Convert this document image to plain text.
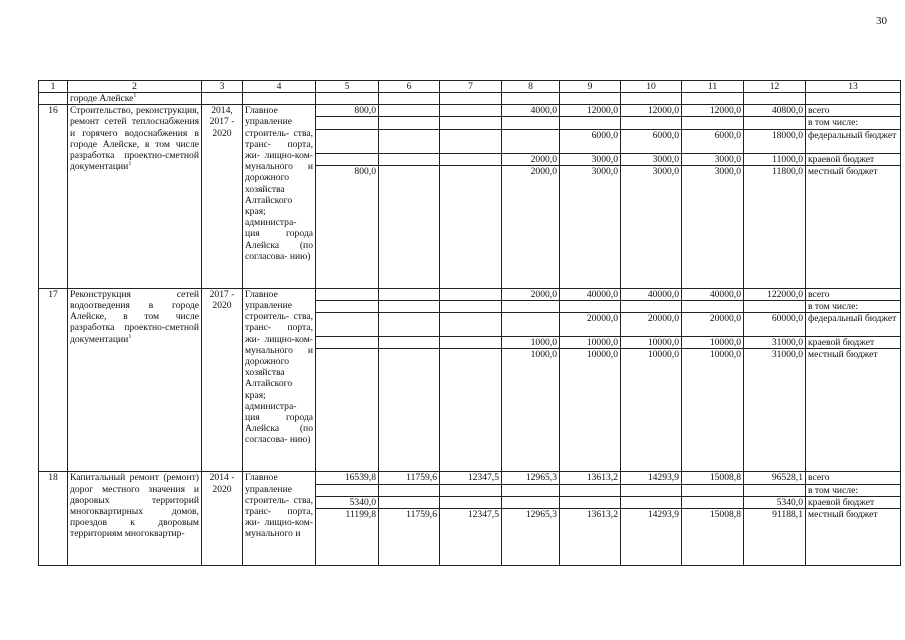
30
1	2	3	4	5	6	7	8	9	10	11	12	13
	городе Алейске$^1$											
16	Строительство, реконструкция, ремонт сетей теплоснабжения и горячего водоснабжения в городе Алейске, в том числе разработка проектно-сметной документации$^1$	2014, 2017 - 2020	Главное управление строитель- ства, транс- порта, жи- лищно-ком- мунального и дорожного хозяйства Алтайского края; администра- ция города Алейска (по согласова- нию)	800,0			4000,0	12000,0	12000,0	12000,0	40800,0	всего
												в том числе:
								6000,0	6000,0	6000,0	18000,0	федеральный бюджет
							2000,0	3000,0	3000,0	3000,0	11000,0	краевой бюджет
				800,0			2000,0	3000,0	3000,0	3000,0	11800,0	местный бюджет
17	Реконструкция сетей водоотведения в городе Алейске, в том числе разработка проектно-сметной документации$^1$	2017 - 2020	Главное управление строитель- ства, транс- порта, жи- лищно-ком- мунального и дорожного хозяйства Алтайского края; администра- ция города Алейска (по согласова- нию)				2000,0	40000,0	40000,0	40000,0	122000,0	всего
												в том числе:
								20000,0	20000,0	20000,0	60000,0	федеральный бюджет
							1000,0	10000,0	10000,0	10000,0	31000,0	краевой бюджет
							1000,0	10000,0	10000,0	10000,0	31000,0	местный бюджет
18	Капитальный ремонт (ремонт) дорог местного значения и дворовых территорий многоквартирных домов, проездов к дворовым территориям многоквартир-	2014 - 2020	Главное управление строитель- ства, транс- порта, жи- лищно-ком- мунального и	16539,8	11759,6	12347,5	12965,3	13613,2	14293,9	15008,8	96528,1	всего
												в том числе:
				5340,0							5340,0	краевой бюджет
				11199,8	11759,6	12347,5	12965,3	13613,2	14293,9	15008,8	91188,1	местный бюджет
